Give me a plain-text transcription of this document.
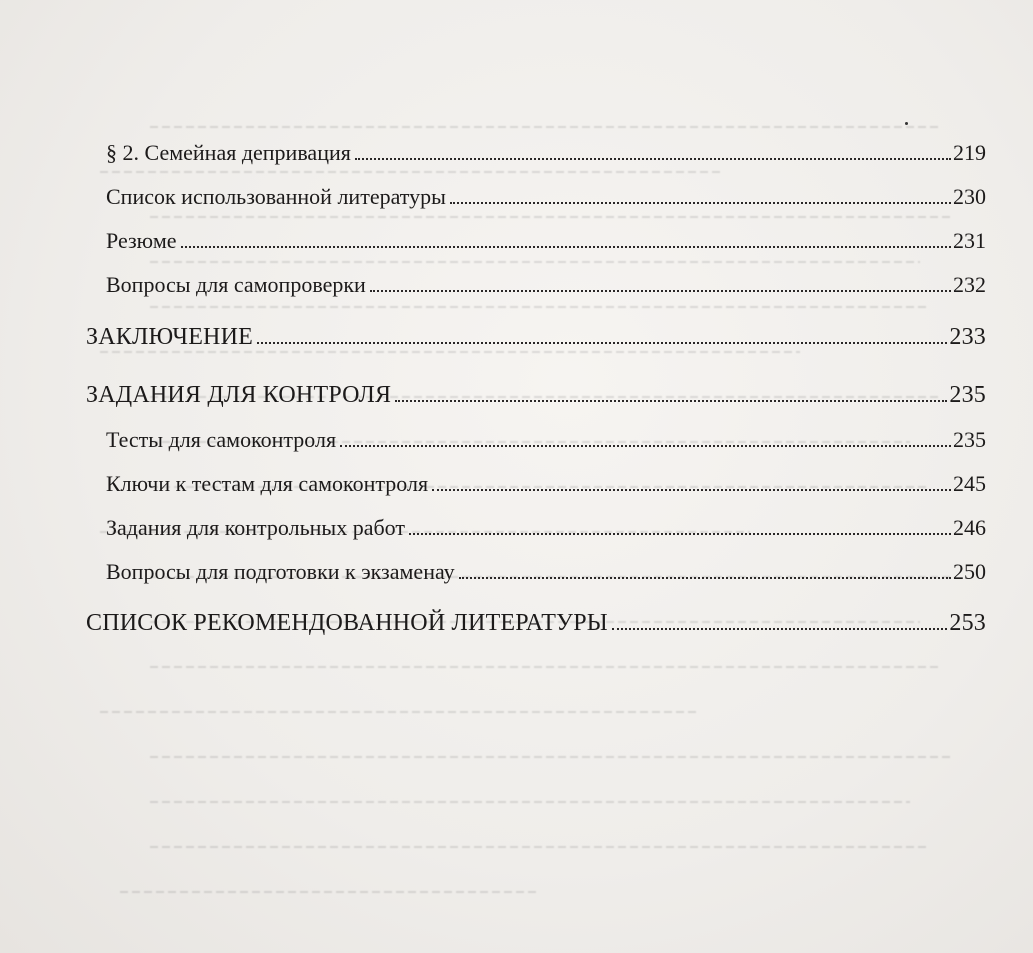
§ 2. Семейная депривация	219
Список использованной литературы	230
Резюме	231
Вопросы для самопроверки	232
ЗАКЛЮЧЕНИЕ	233
ЗАДАНИЯ ДЛЯ КОНТРОЛЯ	235
Тесты для самоконтроля	235
Ключи к тестам для самоконтроля	245
Задания для контрольных работ	246
Вопросы для подготовки к экзаменау	250
СПИСОК РЕКОМЕНДОВАННОЙ ЛИТЕРАТУРЫ	253
